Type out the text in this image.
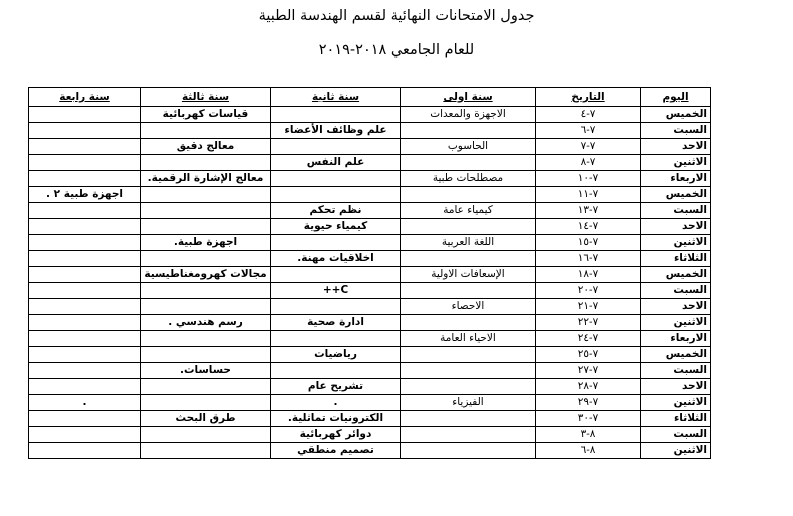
جدول الامتحانات النهائية لقسم الهندسة الطبية
للعام الجامعي ٢٠١٨-٢٠١٩
اليوم	التاريخ	سنة اولى	سنة ثانية	سنة ثالثة	سنة رابعة
الخميس	٧-٤	الاجهزة والمعدات		قياسات كهربائية	
السبت	٧-٦		علم وظائف الأعضاء		
الاحد	٧-٧	الحاسوب		معالج دقيق	
الاثنين	٧-٨		علم النفس		
الاربعاء	٧-١٠	مصطلحات طبية		معالج الإشارة الرقمية.	
الخميس	٧-١١				اجهزة طبية ٢ .
السبت	٧-١٣	كيمياء عامة	نظم تحكم		
الاحد	٧-١٤		كيمياء حيوية		
الاثنين	٧-١٥	اللغة العربية		اجهزة طبية.	
الثلاثاء	٧-١٦		اخلاقيات مهنة.		
الخميس	٧-١٨	الإسعافات الاولية		مجالات كهرومغناطيسية	
السبت	٧-٢٠		C++		
الاحد	٧-٢١	الاحصاء			
الاثنين	٧-٢٢		ادارة صحية	رسم هندسي .	
الاربعاء	٧-٢٤	الاحياء العامة			
الخميس	٧-٢٥		رياضيات		
السبت	٧-٢٧			حساسات.	
الاحد	٧-٢٨		تشريح عام		
الاثنين	٧-٢٩	الفيزياء	.		.
الثلاثاء	٧-٣٠		الكترونيات تماثلية.	طرق البحث	
السبت	٨-٣		دوائر كهربائية		
الاثنين	٨-٦		تصميم منطقي		
